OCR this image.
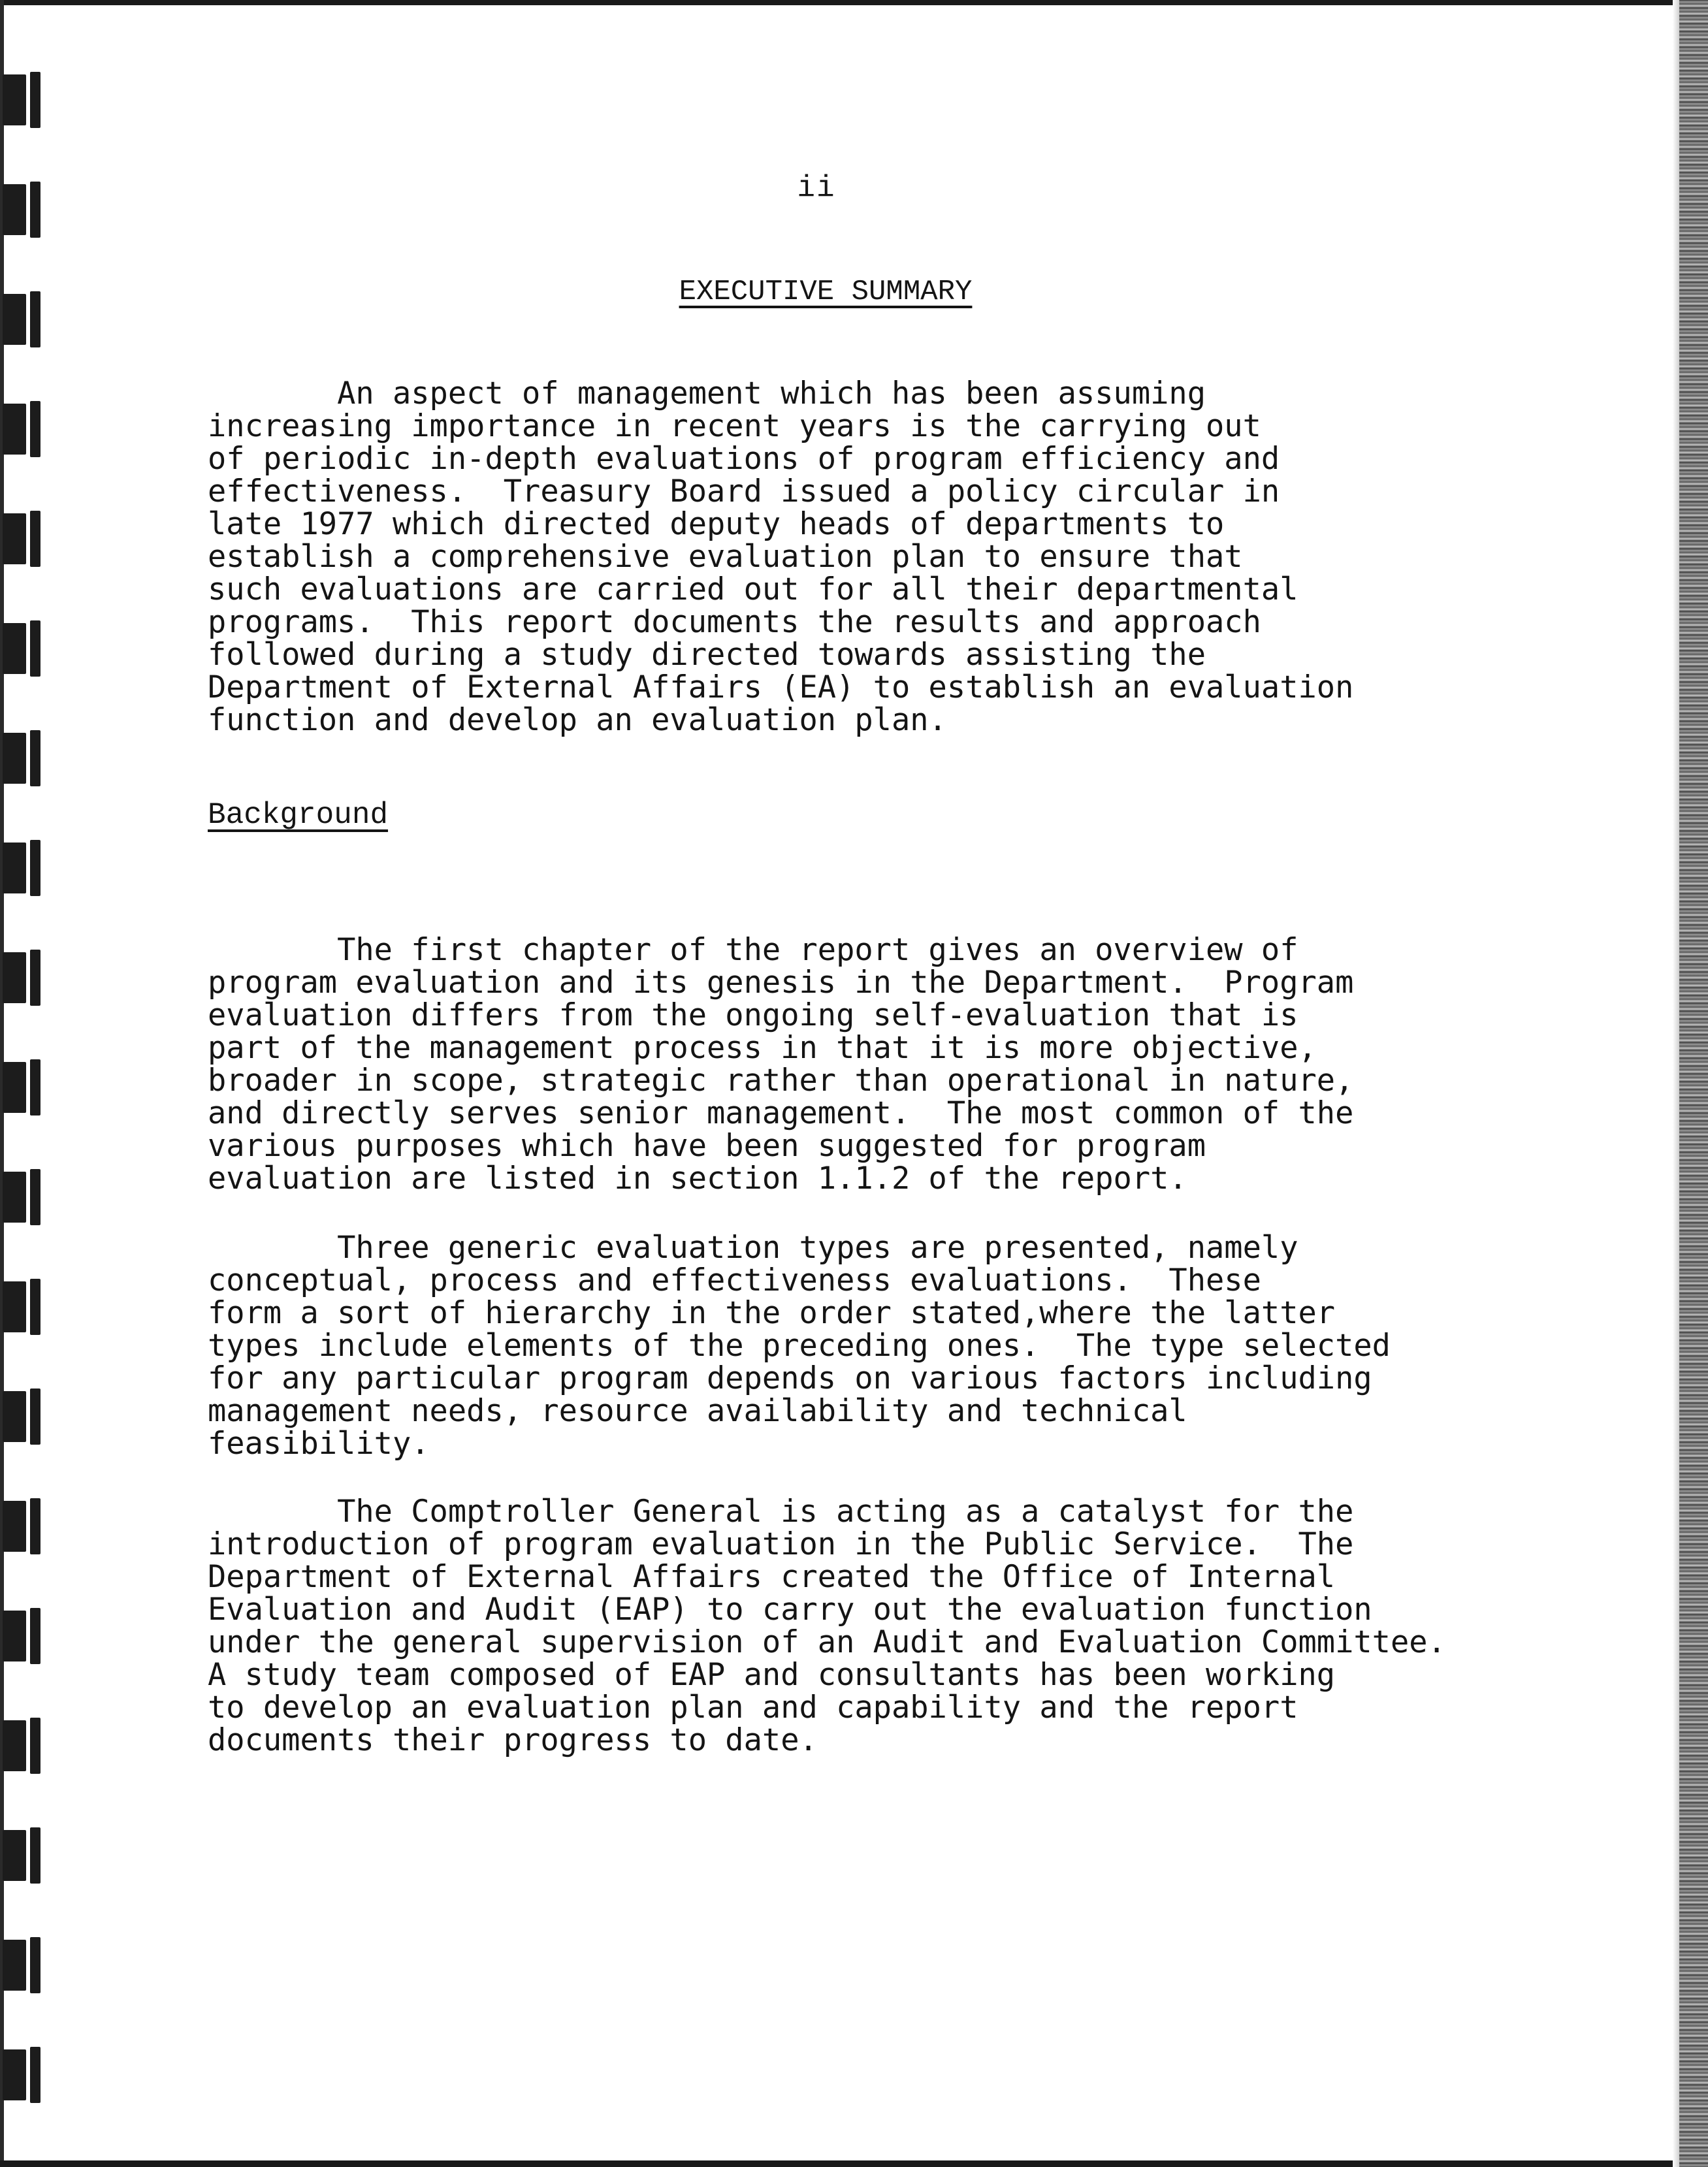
ii
EXECUTIVE SUMMARY
An aspect of management which has been assuming
increasing importance in recent years is the carrying out
of periodic in-depth evaluations of program efficiency and
effectiveness.  Treasury Board issued a policy circular in
late 1977 which directed deputy heads of departments to
establish a comprehensive evaluation plan to ensure that
such evaluations are carried out for all their departmental
programs.  This report documents the results and approach
followed during a study directed towards assisting the
Department of External Affairs (EA) to establish an evaluation
function and develop an evaluation plan.
Background
The first chapter of the report gives an overview of
program evaluation and its genesis in the Department.  Program
evaluation differs from the ongoing self-evaluation that is
part of the management process in that it is more objective,
broader in scope, strategic rather than operational in nature,
and directly serves senior management.  The most common of the
various purposes which have been suggested for program
evaluation are listed in section 1.1.2 of the report.
Three generic evaluation types are presented, namely
conceptual, process and effectiveness evaluations.  These
form a sort of hierarchy in the order stated,where the latter
types include elements of the preceding ones.  The type selected
for any particular program depends on various factors including
management needs, resource availability and technical
feasibility.
The Comptroller General is acting as a catalyst for the
introduction of program evaluation in the Public Service.  The
Department of External Affairs created the Office of Internal
Evaluation and Audit (EAP) to carry out the evaluation function
under the general supervision of an Audit and Evaluation Committee.
A study team composed of EAP and consultants has been working
to develop an evaluation plan and capability and the report
documents their progress to date.
